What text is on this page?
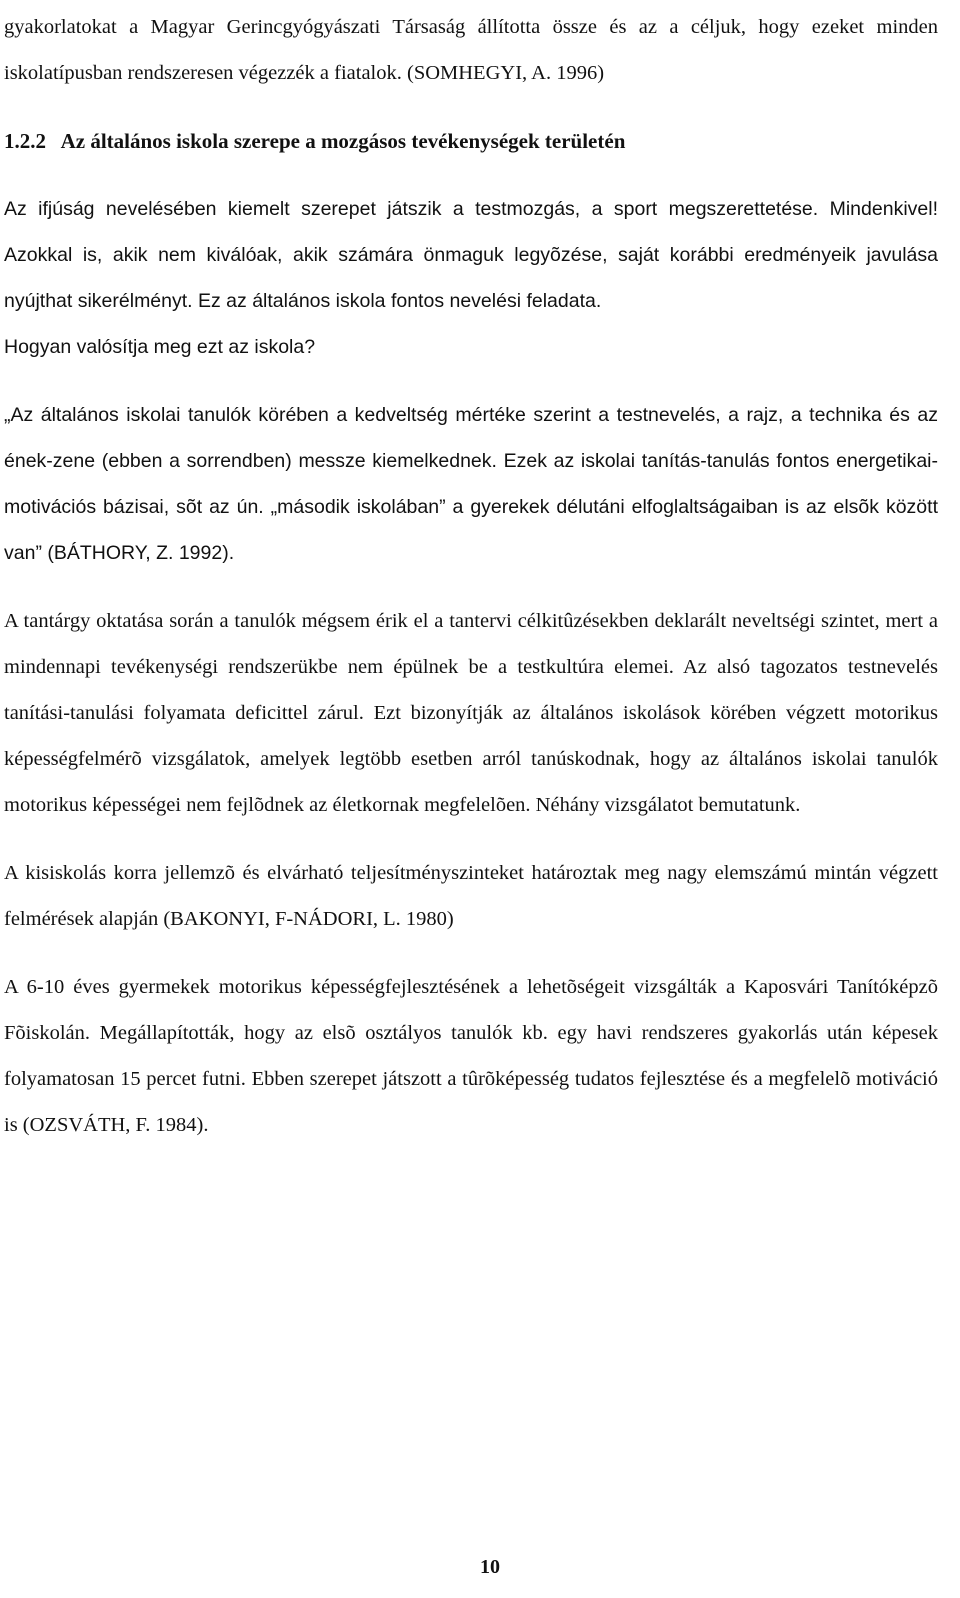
gyakorlatokat a Magyar Gerincgyógyászati Társaság állította össze és az a céljuk, hogy ezeket minden iskolatípusban rendszeresen végezzék a fiatalok. (SOMHEGYI, A. 1996)

1.2.2 Az általános iskola szerepe a mozgásos tevékenységek területén

Az ifjúság nevelésében kiemelt szerepet játszik a testmozgás, a sport megszerettetése. Mindenkivel! Azokkal is, akik nem kiválóak, akik számára önmaguk legyõzése, saját korábbi eredményeik javulása nyújthat sikerélményt. Ez az általános iskola fontos nevelési feladata.

Hogyan valósítja meg ezt az iskola?

„Az általános iskolai tanulók körében a kedveltség mértéke szerint a testnevelés, a rajz, a technika és az ének-zene (ebben a sorrendben) messze kiemelkednek. Ezek az iskolai tanítás-tanulás fontos energetikai-motivációs bázisai, sõt az ún. „második iskolában” a gyerekek délutáni elfoglaltságaiban is az elsõk között van” (BÁTHORY, Z. 1992).

A tantárgy oktatása során a tanulók mégsem érik el a tantervi célkitûzésekben deklarált neveltségi szintet, mert a mindennapi tevékenységi rendszerükbe nem épülnek be a testkultúra elemei. Az alsó tagozatos testnevelés tanítási-tanulási folyamata deficittel zárul. Ezt bizonyítják az általános iskolások körében végzett motorikus képességfelmérõ vizsgálatok, amelyek legtöbb esetben arról tanúskodnak, hogy az általános iskolai tanulók motorikus képességei nem fejlõdnek az életkornak megfelelõen. Néhány vizsgálatot bemutatunk.

A kisiskolás korra jellemzõ és elvárható teljesítményszinteket határoztak meg nagy elemszámú mintán végzett felmérések alapján (BAKONYI, F-NÁDORI, L. 1980)

A 6-10 éves gyermekek motorikus képességfejlesztésének a lehetõségeit vizsgálták a Kaposvári Tanítóképzõ Fõiskolán. Megállapították, hogy az elsõ osztályos tanulók kb. egy havi rendszeres gyakorlás után képesek folyamatosan 15 percet futni. Ebben szerepet játszott a tûrõképesség tudatos fejlesztése és a megfelelõ motiváció is (OZSVÁTH, F. 1984).

10
